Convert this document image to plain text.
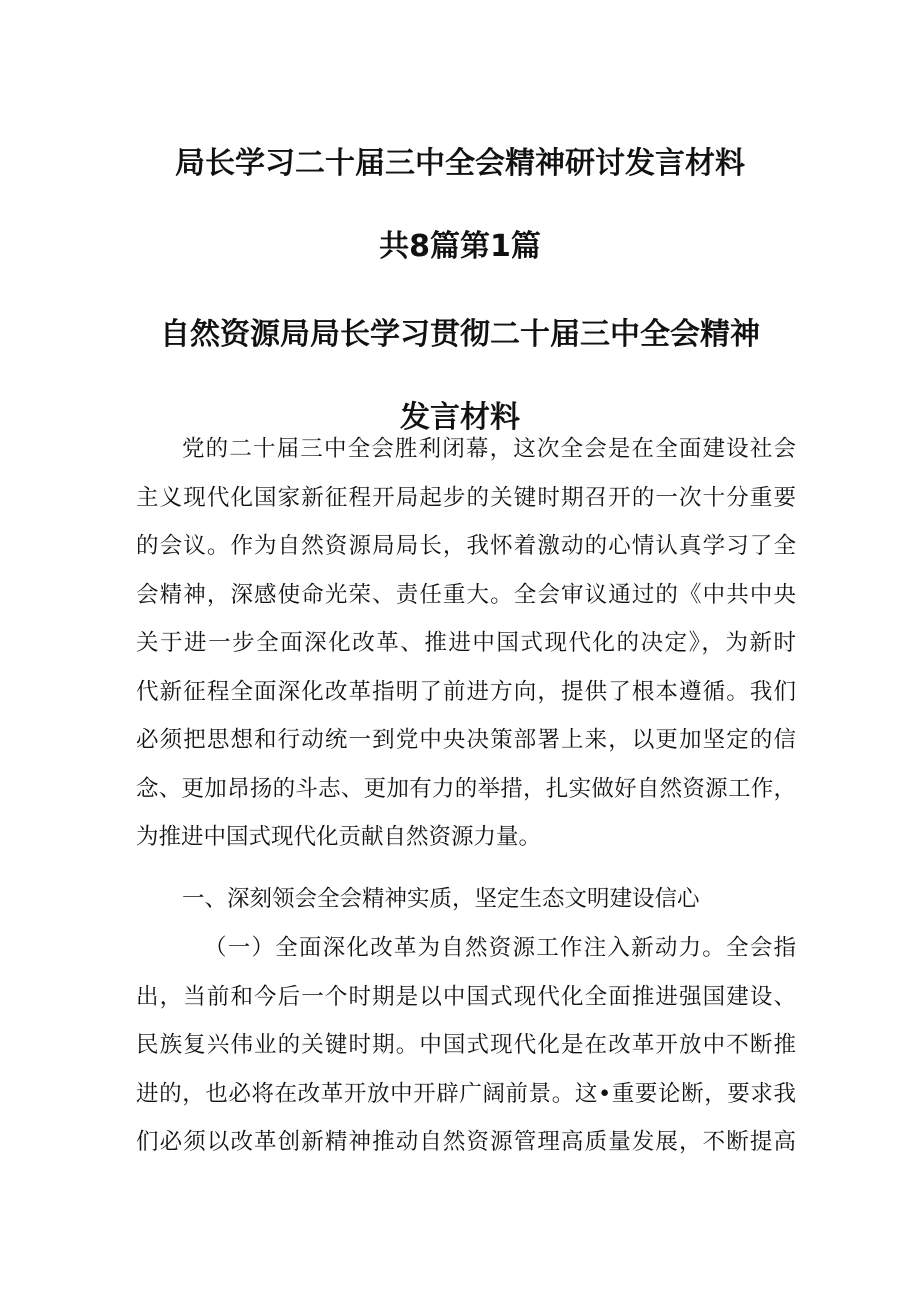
局长学习二十届三中全会精神研讨发言材料
共8篇第1篇
自然资源局局长学习贯彻二十届三中全会精神
发言材料
党的二十届三中全会胜利闭幕，这次全会是在全面建设社会
主义现代化国家新征程开局起步的关键时期召开的一次十分重要
的会议。作为自然资源局局长，我怀着激动的心情认真学习了全
会精神，深感使命光荣、责任重大。全会审议通过的《中共中央
关于进一步全面深化改革、推进中国式现代化的决定》，为新时
代新征程全面深化改革指明了前进方向，提供了根本遵循。我们
必须把思想和行动统一到党中央决策部署上来，以更加坚定的信
念、更加昂扬的斗志、更加有力的举措，扎实做好自然资源工作，
为推进中国式现代化贡献自然资源力量。
一、深刻领会全会精神实质，坚定生态文明建设信心
（一）全面深化改革为自然资源工作注入新动力。全会指
出，当前和今后一个时期是以中国式现代化全面推进强国建设、
民族复兴伟业的关键时期。中国式现代化是在改革开放中不断推
进的，也必将在改革开放中开辟广阔前景。这•重要论断，要求我
们必须以改革创新精神推动自然资源管理高质量发展，不断提高
